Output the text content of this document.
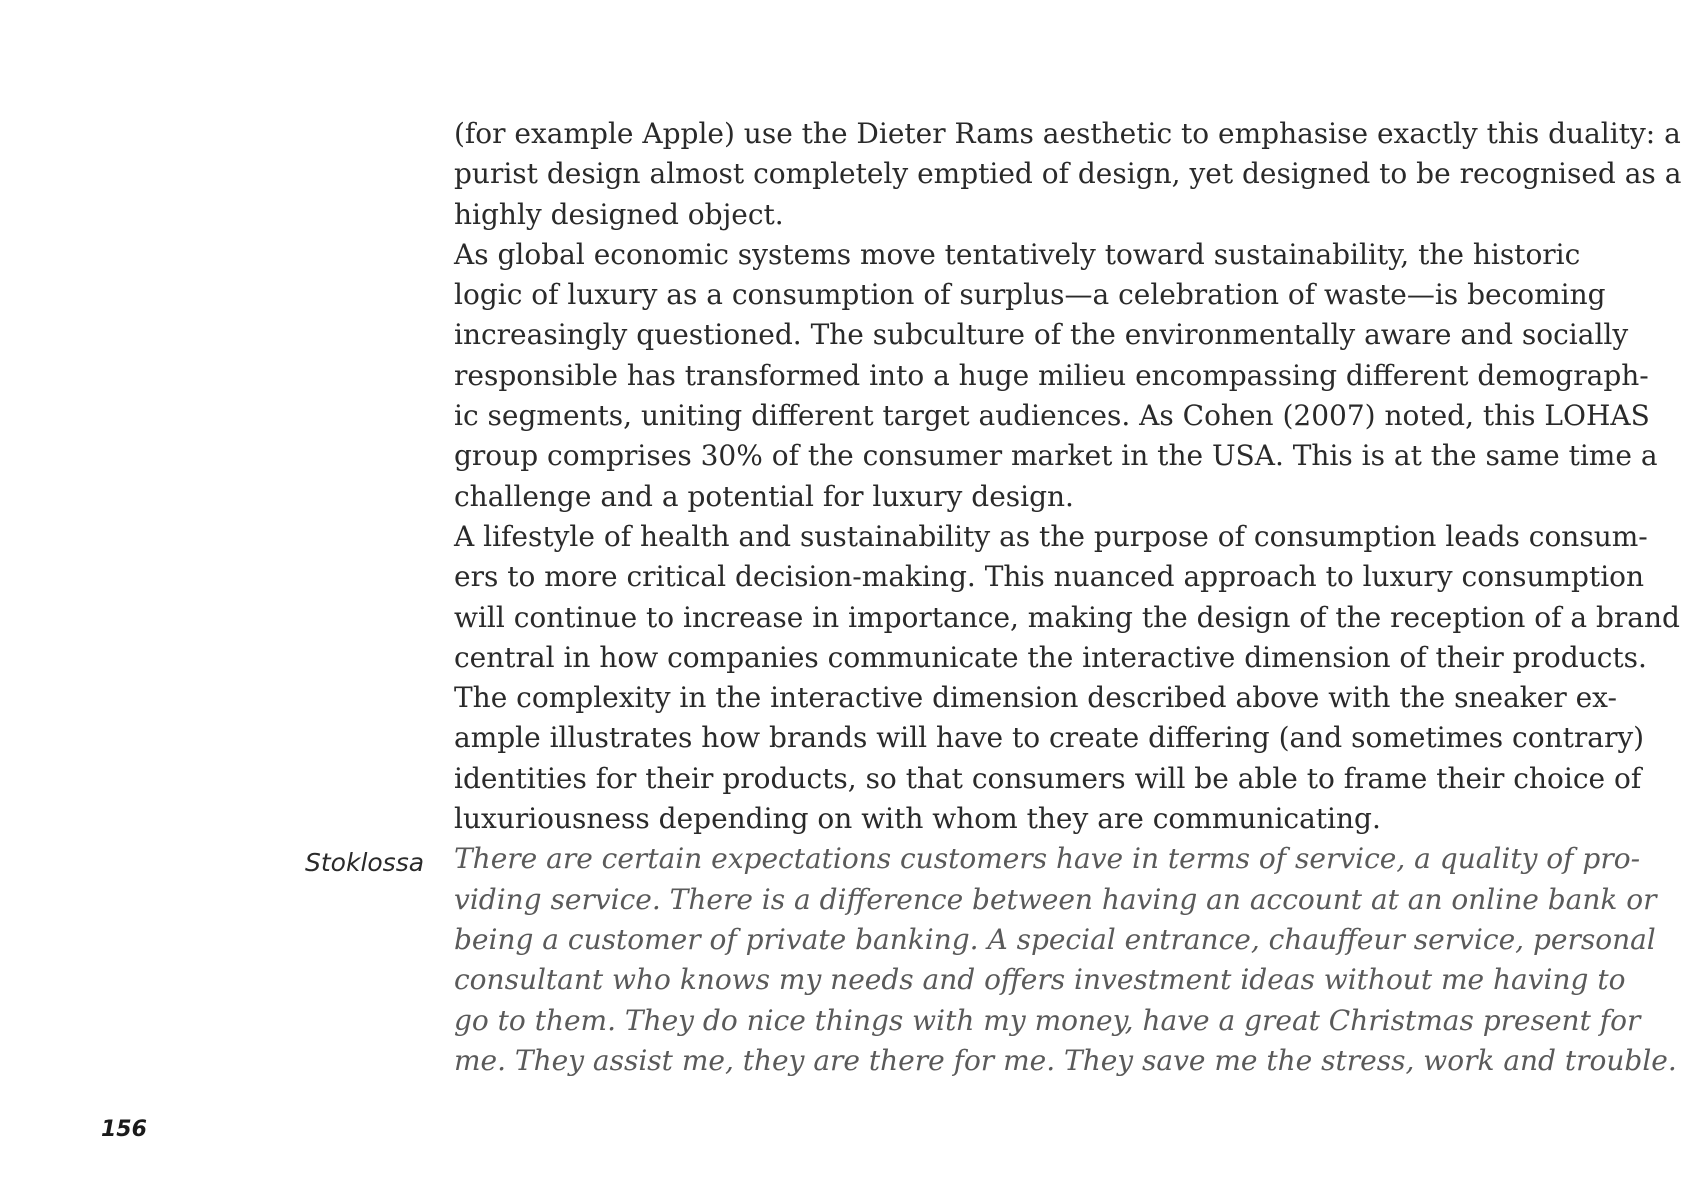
(for example Apple) use the Dieter Rams aesthetic to emphasise exactly this duality: a
purist design almost completely emptied of design, yet designed to be recognised as a
highly designed object.
As global economic systems move tentatively toward sustainability, the historic
logic of luxury as a consumption of surplus—a celebration of waste—is becoming
increasingly questioned. The subculture of the environmentally aware and socially
responsible has transformed into a huge milieu encompassing different demograph-
ic segments, uniting different target audiences. As Cohen (2007) noted, this LOHAS
group comprises 30% of the consumer market in the USA. This is at the same time a
challenge and a potential for luxury design.
A lifestyle of health and sustainability as the purpose of consumption leads consum-
ers to more critical decision-making. This nuanced approach to luxury consumption
will continue to increase in importance, making the design of the reception of a brand
central in how companies communicate the interactive dimension of their products.
The complexity in the interactive dimension described above with the sneaker ex-
ample illustrates how brands will have to create differing (and sometimes contrary)
identities for their products, so that consumers will be able to frame their choice of
luxuriousness depending on with whom they are communicating.
There are certain expectations customers have in terms of service, a quality of pro-
viding service. There is a difference between having an account at an online bank or
being a customer of private banking. A special entrance, chauffeur service, personal
consultant who knows my needs and offers investment ideas without me having to
go to them. They do nice things with my money, have a great Christmas present for
me. They assist me, they are there for me. They save me the stress, work and trouble.
Stoklossa
156
